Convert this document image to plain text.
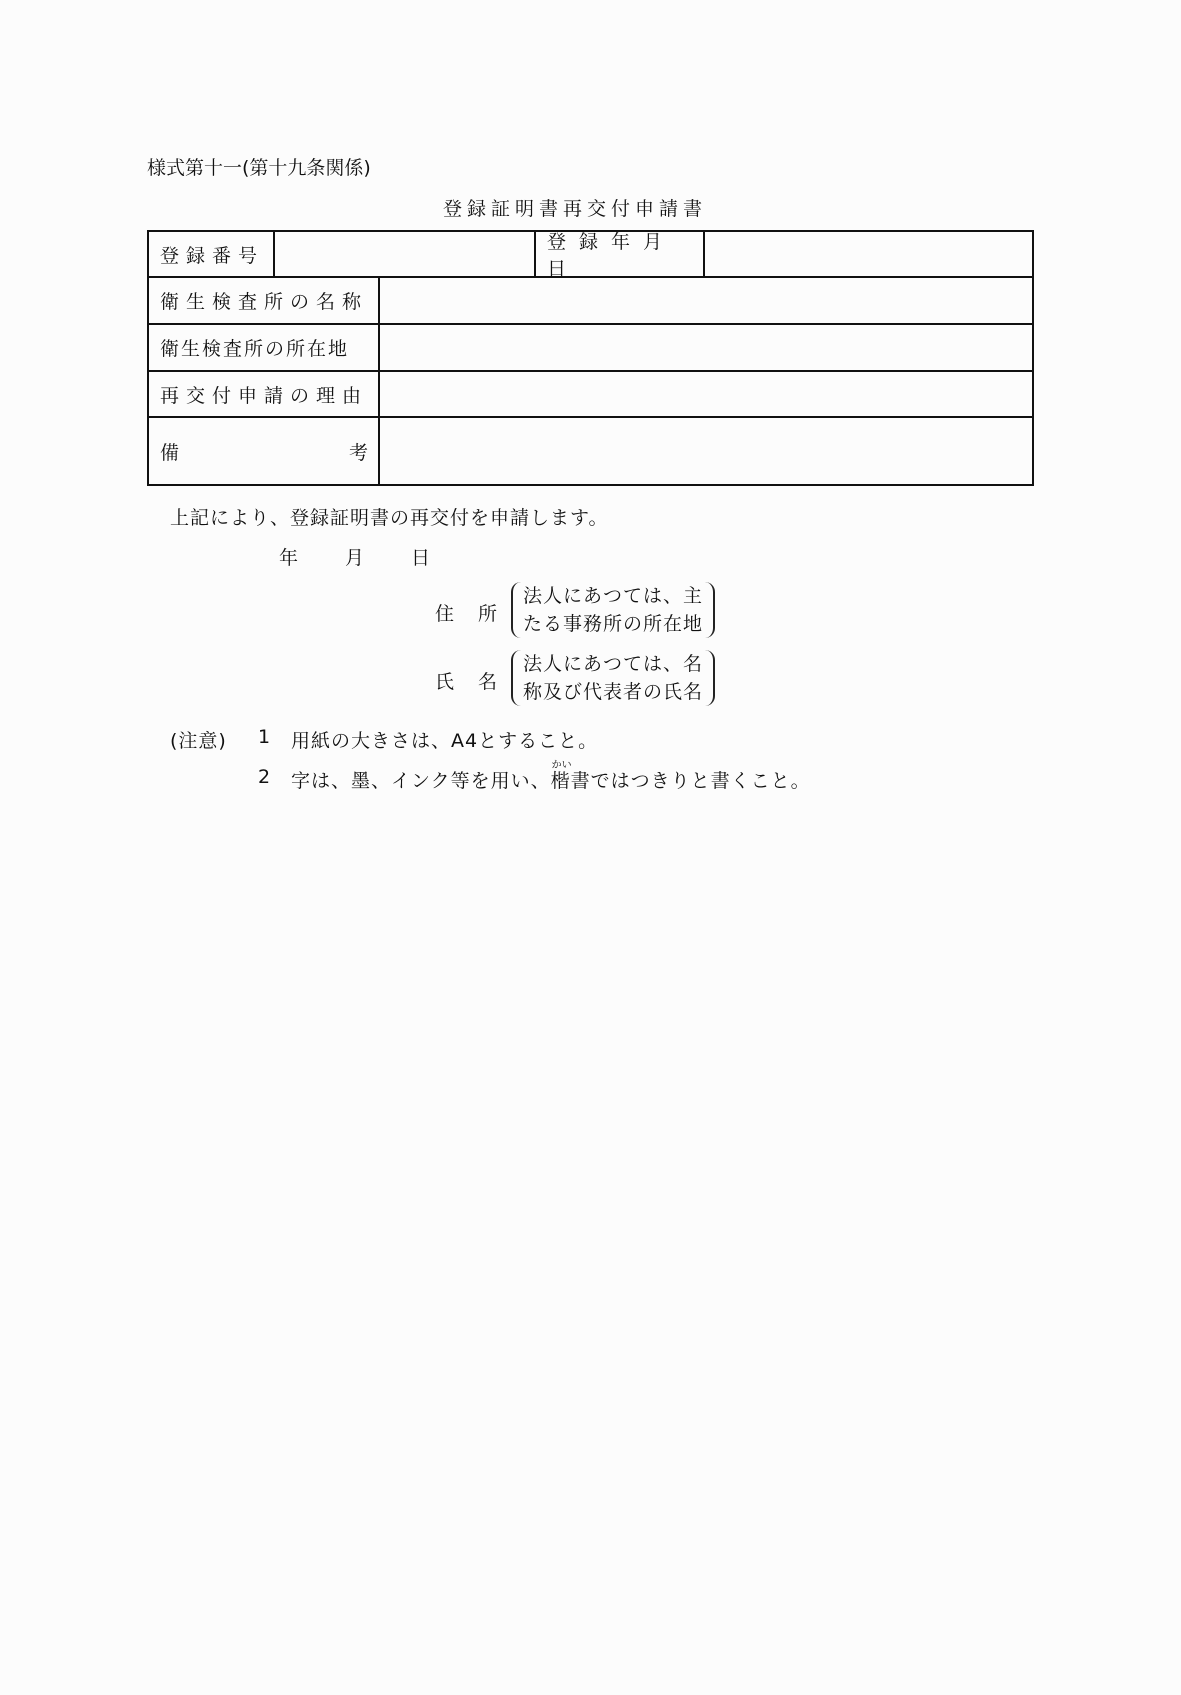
様式第十一(第十九条関係)
登録証明書再交付申請書
登録番号
登録年月日
衛生検査所の名称
衛生検査所の所在地
再交付申請の理由
備	考
上記により、登録証明書の再交付を申請します。
年 月 日
住 所
法人にあつては、主
たる事務所の所在地
氏 名
法人にあつては、名
称及び代表者の氏名
(注意) 1 用紙の大きさは、A4とすること。
2 字は、墨、インク等を用い、
かい
楷書ではつきりと書くこと。
